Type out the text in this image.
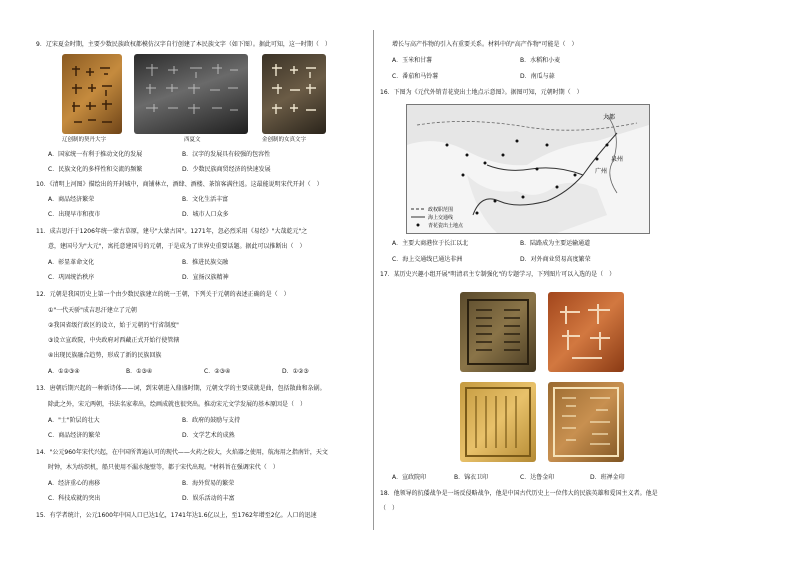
9．辽宋夏金时期，主要少数民族政权都模仿汉字自行创建了本民族文字（如下图）。据此可知，这一时期（　）
辽创制的契丹大字	西夏文	金创制的女真文字
A．国家统一有利于推动文化的发展	B．汉字的发展具有较强的包容性
C．民族文化的多样性和交流的频繁	D．少数民族商贸经济的快速发展
10．《清明上河图》描绘出的开封城中，商铺林立，酒肆、酒楼、茶馆客满往返。这最能说明宋代开封（　）
A．商品经济繁荣	B．文化生活丰富
C．出现早市和夜市	D．城市人口众多
11．成吉思汗于1206年统一蒙古草原，建号"大蒙古国"。1271年，忽必烈采用《易经》"大哉乾元"之
意，建国号为"大元"，寓托意建国号的元朝，于是成为了世界史重要话题。据此可以推断出（　）
A．彰显革命文化	B．推进民族交融
C．巩固统治秩序	D．宣扬汉族精神
12．元朝是我国历史上第一个由少数民族建立的统一王朝，下列关于元朝的表述正确的是（　）
①"一代天骄"成吉思汗建立了元朝
②我国省级行政区的设立，始于元朝的"行省制度"
③设立宣政院，中央政府对西藏正式开始行使管辖
④出现民族融合趋势，形成了新的民族回族
A．①②③④	B．①③④	C．②③④	D．①②③
13．唐朝后期兴起的一种新诗体——词，到宋朝进入鼎盛时期，元朝文学的主要成就是曲，包括散曲和杂剧。
除此之外，宋元两朝，书法名家辈出，绘画成就也很突出。推动宋元文学发展的基本原因是（　）
A．"士"阶层的壮大	B．政府的鼓励与支持
C．商品经济的繁荣	D．文学艺术的成熟
14．"公元960年宋代兴起，在中国所普遍认可的现代——火药之较大，火焰器之使用，航海用之指南针，天文
时钟，木为纺织机，船只使用不漏水舱壁等，都于宋代出现。"材料旨在强调宋代（　）
A．经济重心的南移	B．海外贸易的繁荣
C．科技成就的突出	D．娱乐活动的丰富
15．有学者统计，公元1600年中国人口已达1亿，1741年达1.6亿以上，至1762年增至2亿。人口的迅速
增长与高产作物的引入有重要关系。材料中的"高产作物"可能是（　）
A．玉米和甘薯	B．水稻和小麦
C．番茄和马铃薯	D．南瓜与蒜
16．下图为《元代外销青花瓷出土地点示意图》。据图可知，元朝时期（　）
大都
泉州
广州
政权职范围
海上交通线
青花瓷出土地点
A．主要大商港位于长江以北	B．陆路成为主要运输通道
C．海上交通线已通达非洲	D．对外商业贸易高度繁荣
17．某历史兴趣小组开展"明清君主专制强化"的专题学习，下列图片可以入选的是（　）
A．宣政院印	B．锦衣卫印	C．达鲁金印	D．班禅金印
18．他领导的抗倭战争是一场反侵略战争，他是中国古代历史上一位伟大的民族英雄和爱国主义者。他是
（　）
